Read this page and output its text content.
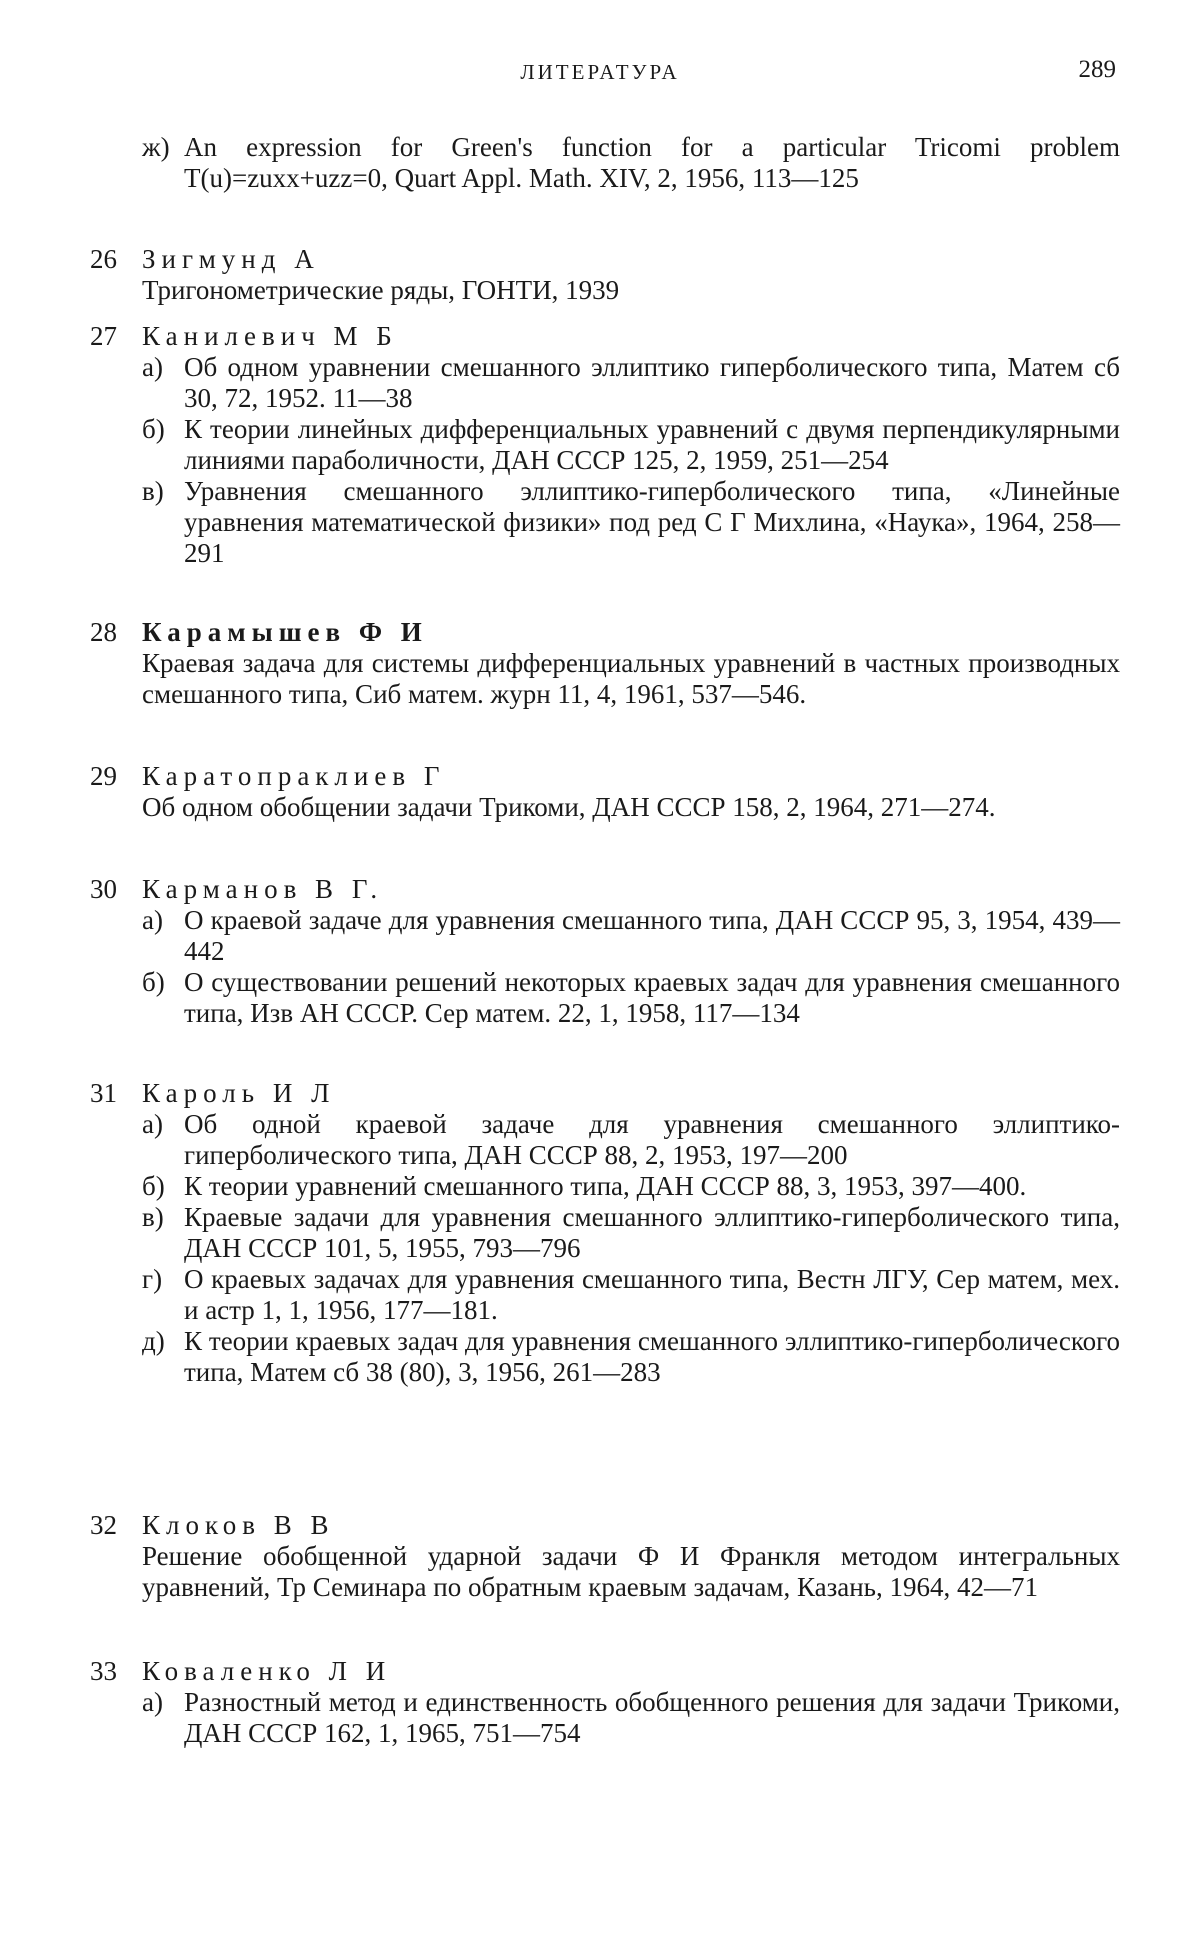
ЛИТЕРАТУРА	289
ж) An expression for Green's function for a particular Tricomi problem T(u)=zuxx+uzz=0, Quart Appl. Math. XIV, 2, 1956, 113—125
26 Зигмунд А
Тригонометрические ряды, ГОНТИ, 1939
27 Канилевич М Б
а) Об одном уравнении смешанного эллиптико гиперболического типа, Матем сб 30, 72, 1952. 11—38
б) К теории линейных дифференциальных уравнений с двумя перпендикулярными линиями параболичности, ДАН СССР 125, 2, 1959, 251—254
в) Уравнения смешанного эллиптико-гиперболического типа, «Линейные уравнения математической физики» под ред С Г Михлина, «Наука», 1964, 258—291
28 Карамышев Ф И
Краевая задача для системы дифференциальных уравнений в частных производных смешанного типа, Сиб матем. журн 11, 4, 1961, 537—546.
29 Каратопраклиев Г
Об одном обобщении задачи Трикоми, ДАН СССР 158, 2, 1964, 271—274.
30 Карманов В Г.
а) О краевой задаче для уравнения смешанного типа, ДАН СССР 95, 3, 1954, 439—442
б) О существовании решений некоторых краевых задач для уравнения смешанного типа, Изв АН СССР. Сер матем. 22, 1, 1958, 117—134
31 Кароль И Л
а) Об одной краевой задаче для уравнения смешанного эллиптико-гиперболического типа, ДАН СССР 88, 2, 1953, 197—200
б) К теории уравнений смешанного типа, ДАН СССР 88, 3, 1953, 397—400.
в) Краевые задачи для уравнения смешанного эллиптико-гиперболического типа, ДАН СССР 101, 5, 1955, 793—796
г) О краевых задачах для уравнения смешанного типа, Вестн ЛГУ, Сер матем, мех. и астр 1, 1, 1956, 177—181.
д) К теории краевых задач для уравнения смешанного эллиптико-гиперболического типа, Матем сб 38 (80), 3, 1956, 261—283
32 Клоков В В
Решение обобщенной ударной задачи Ф И Франкля методом интегральных уравнений, Тр Семинара по обратным краевым задачам, Казань, 1964, 42—71
33 Коваленко Л И
а) Разностный метод и единственность обобщенного решения для задачи Трикоми, ДАН СССР 162, 1, 1965, 751—754
